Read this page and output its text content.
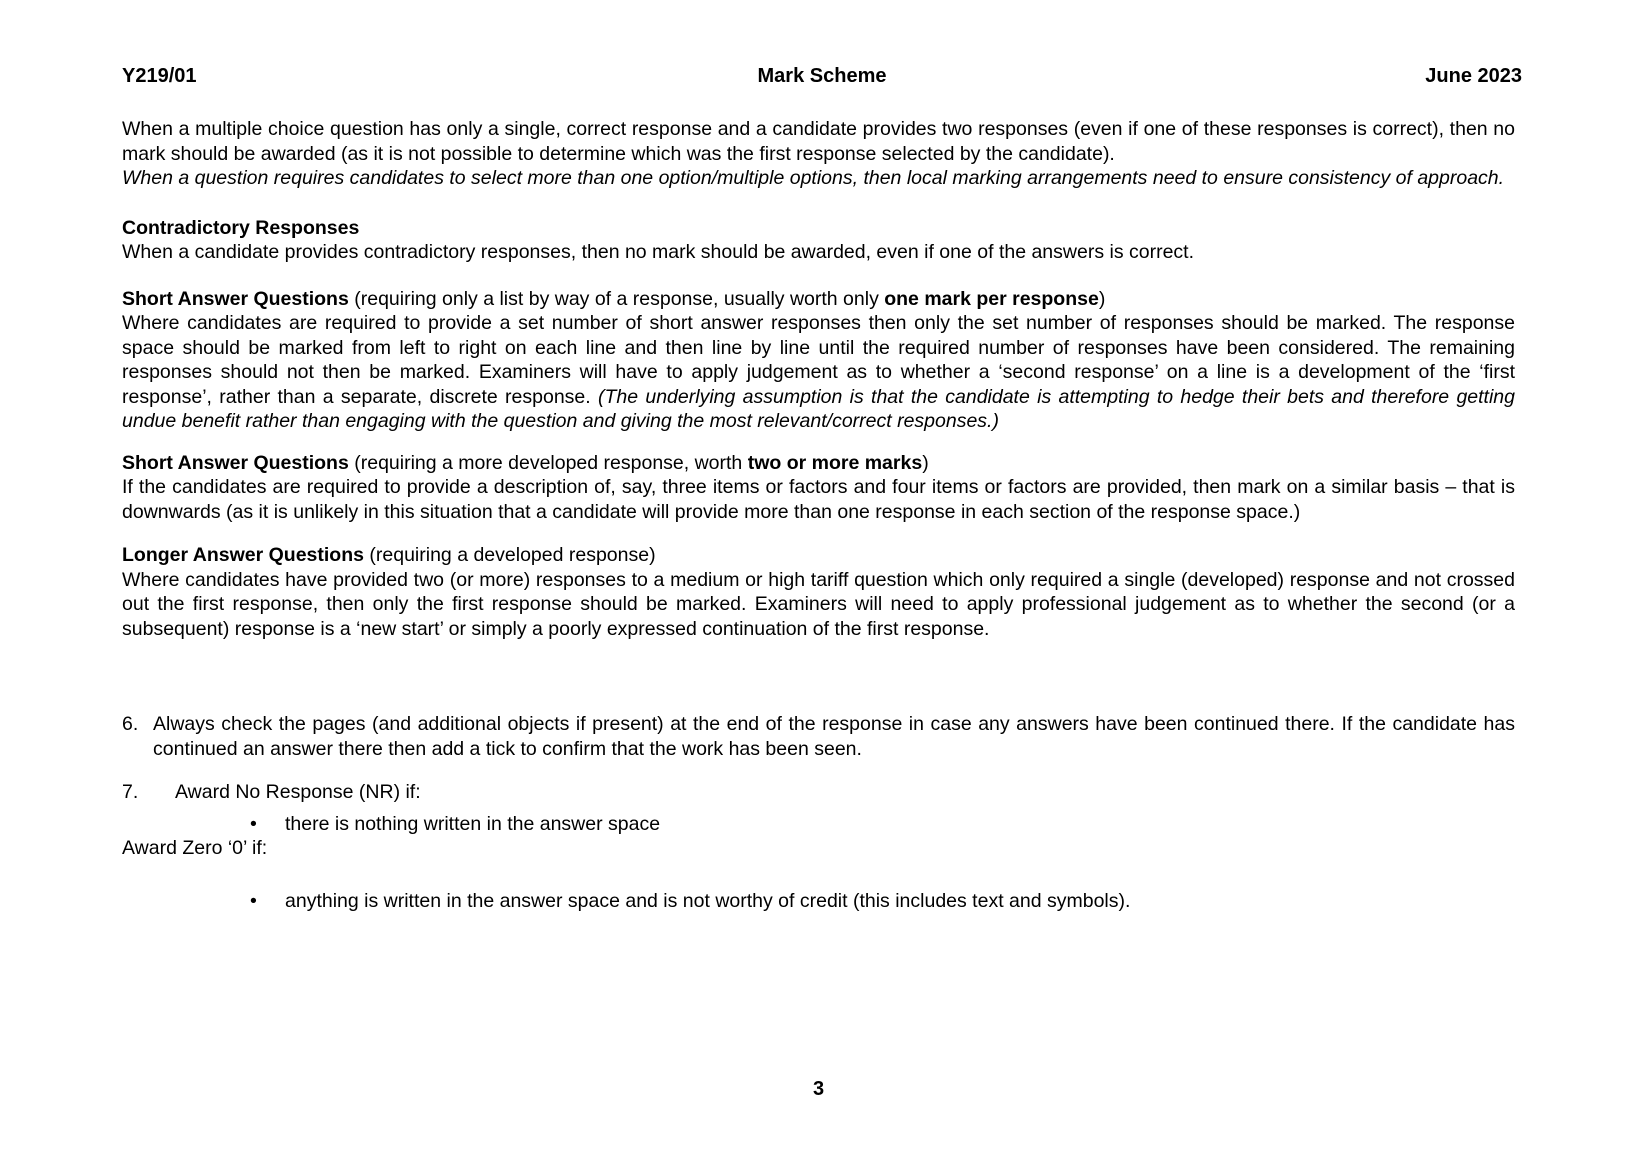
Y219/01	Mark Scheme	June 2023

When a multiple choice question has only a single, correct response and a candidate provides two responses (even if one of these responses is correct), then no mark should be awarded (as it is not possible to determine which was the first response selected by the candidate).

When a question requires candidates to select more than one option/multiple options, then local marking arrangements need to ensure consistency of approach.

Contradictory Responses

When a candidate provides contradictory responses, then no mark should be awarded, even if one of the answers is correct.

Short Answer Questions (requiring only a list by way of a response, usually worth only one mark per response)

Where candidates are required to provide a set number of short answer responses then only the set number of responses should be marked. The response space should be marked from left to right on each line and then line by line until the required number of responses have been considered. The remaining responses should not then be marked. Examiners will have to apply judgement as to whether a ‘second response’ on a line is a development of the ‘first response’, rather than a separate, discrete response. (The underlying assumption is that the candidate is attempting to hedge their bets and therefore getting undue benefit rather than engaging with the question and giving the most relevant/correct responses.)

Short Answer Questions (requiring a more developed response, worth two or more marks)

If the candidates are required to provide a description of, say, three items or factors and four items or factors are provided, then mark on a similar basis – that is downwards (as it is unlikely in this situation that a candidate will provide more than one response in each section of the response space.)

Longer Answer Questions (requiring a developed response)

Where candidates have provided two (or more) responses to a medium or high tariff question which only required a single (developed) response and not crossed out the first response, then only the first response should be marked. Examiners will need to apply professional judgement as to whether the second (or a subsequent) response is a ‘new start’ or simply a poorly expressed continuation of the first response.

6. Always check the pages (and additional objects if present) at the end of the response in case any answers have been continued there. If the candidate has continued an answer there then add a tick to confirm that the work has been seen.
7.	Award No Response (NR) if:
•	there is nothing written in the answer space

Award Zero ‘0’ if:

•	anything is written in the answer space and is not worthy of credit (this includes text and symbols).
3
